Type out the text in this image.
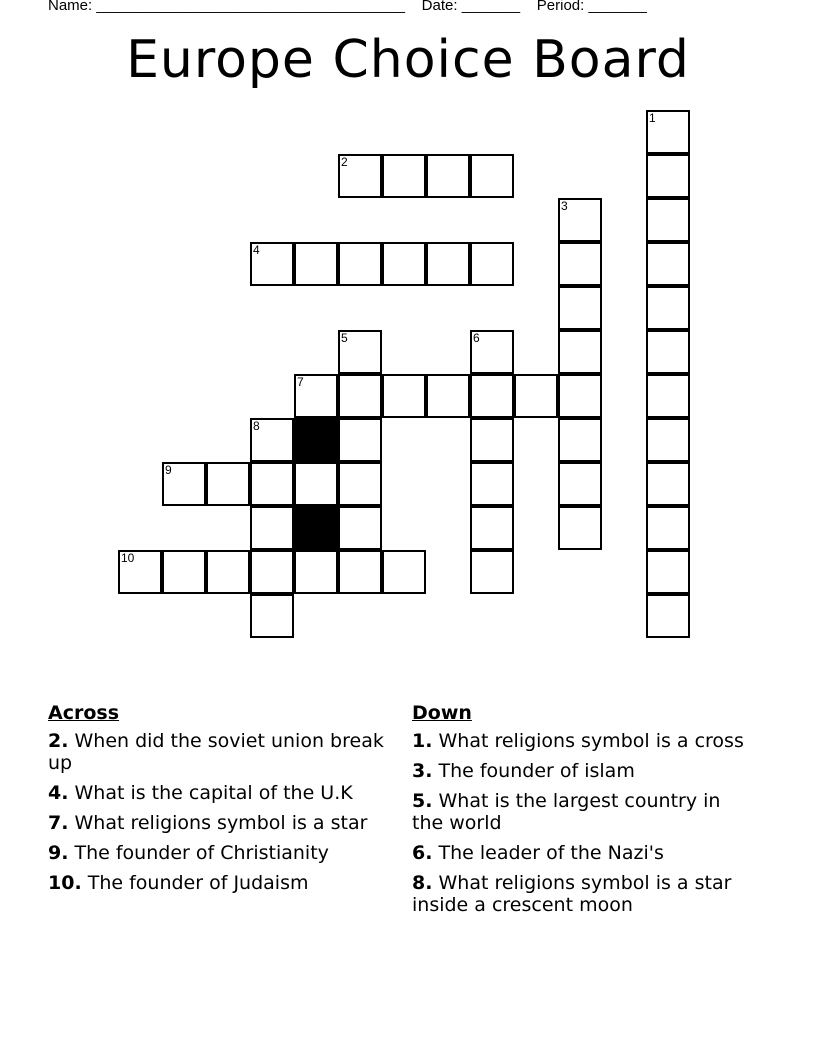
Name: _____________________________________    Date: _______    Period: _______
Europe Choice Board
1
2
3
4
5	6
7
8
9
10
Across
2. When did the soviet union break up
4. What is the capital of the U.K
7. What religions symbol is a star
9. The founder of Christianity
10. The founder of Judaism
Down
1. What religions symbol is a cross
3. The founder of islam
5. What is the largest country in the world
6. The leader of the Nazi's
8. What religions symbol is a star inside a crescent moon
